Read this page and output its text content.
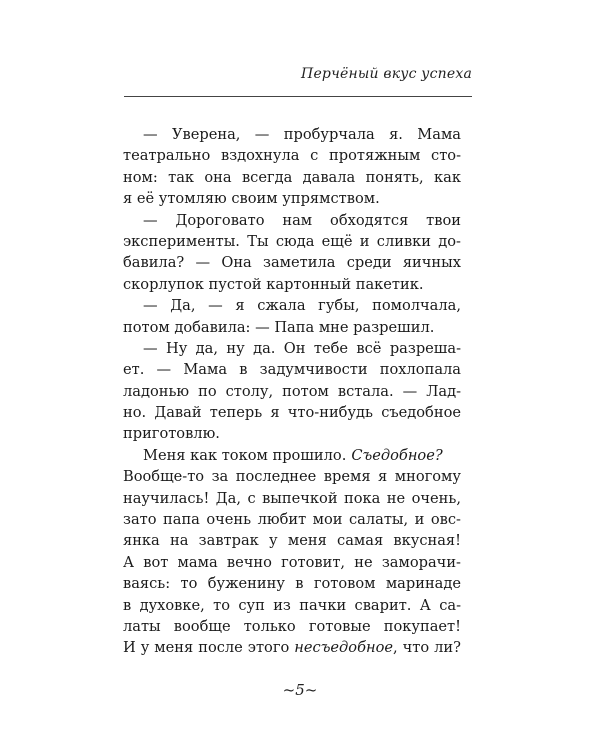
Перчёный вкус успеха
— Уверена, — пробурчала я. Мама
театрально вздохнула с протяжным сто-
ном: так она всегда давала понять, как
я её утомляю своим упрямством.
— Дороговато нам обходятся твои
эксперименты. Ты сюда ещё и сливки до-
бавила? — Она заметила среди яичных
скорлупок пустой картонный пакетик.
— Да, — я сжала губы, помолчала,
потом добавила: — Папа мне разрешил.
— Ну да, ну да. Он тебе всё разреша-
ет. — Мама в задумчивости похлопала
ладонью по столу, потом встала. — Лад-
но. Давай теперь я что-нибудь съедобное
приготовлю.
Меня как током прошило. Съедобное?
Вообще-то за последнее время я многому
научилась! Да, с выпечкой пока не очень,
зато папа очень любит мои салаты, и овс-
янка на завтрак у меня самая вкусная!
А вот мама вечно готовит, не заморачи-
ваясь: то буженину в готовом маринаде
в духовке, то суп из пачки сварит. А са-
латы вообще только готовые покупает!
И у меня после этого несъедобное, что ли?
~5~
